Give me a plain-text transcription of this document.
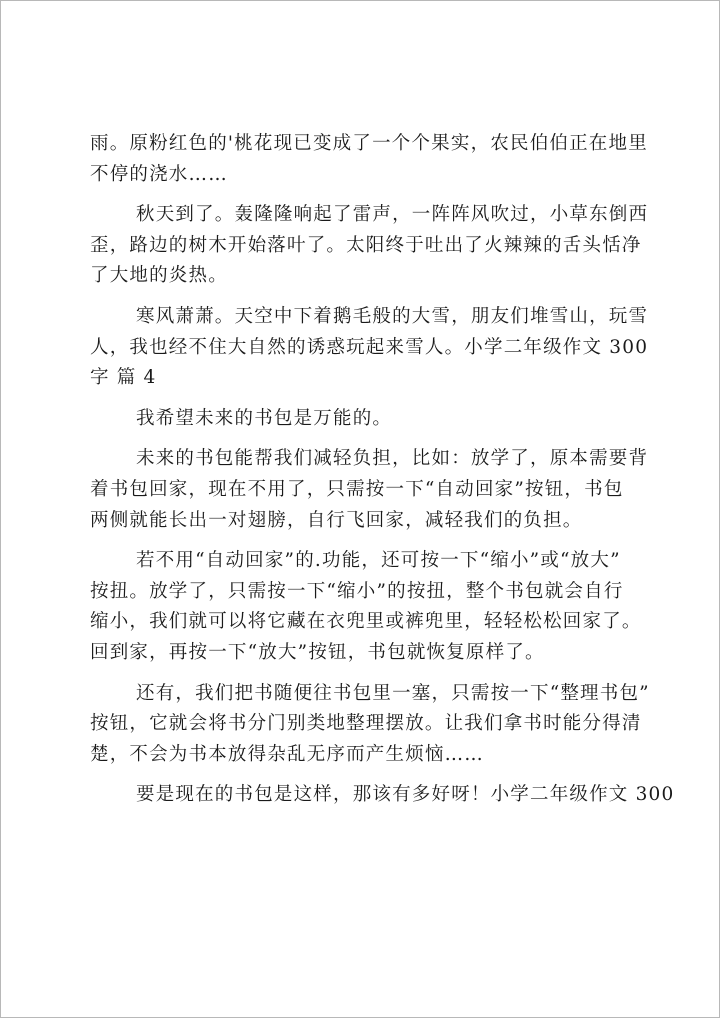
雨。原粉红色的'桃花现已变成了一个个果实，农民伯伯正在地里
不停的浇水……
秋天到了。轰隆隆响起了雷声，一阵阵风吹过，小草东倒西
歪，路边的树木开始落叶了。太阳终于吐出了火辣辣的舌头恬净
了大地的炎热。
寒风萧萧。天空中下着鹅毛般的大雪，朋友们堆雪山，玩雪
人，我也经不住大自然的诱惑玩起来雪人。小学二年级作文 300
字 篇 4
我希望未来的书包是万能的。
未来的书包能帮我们减轻负担，比如：放学了，原本需要背
着书包回家，现在不用了，只需按一下“自动回家”按钮，书包
两侧就能长出一对翅膀，自行飞回家，减轻我们的负担。
若不用“自动回家”的.功能，还可按一下“缩小”或“放大”
按扭。放学了，只需按一下“缩小”的按扭，整个书包就会自行
缩小，我们就可以将它藏在衣兜里或裤兜里，轻轻松松回家了。
回到家，再按一下“放大”按钮，书包就恢复原样了。
还有，我们把书随便往书包里一塞，只需按一下“整理书包”
按钮，它就会将书分门别类地整理摆放。让我们拿书时能分得清
楚，不会为书本放得杂乱无序而产生烦恼……
要是现在的书包是这样，那该有多好呀！小学二年级作文 300
